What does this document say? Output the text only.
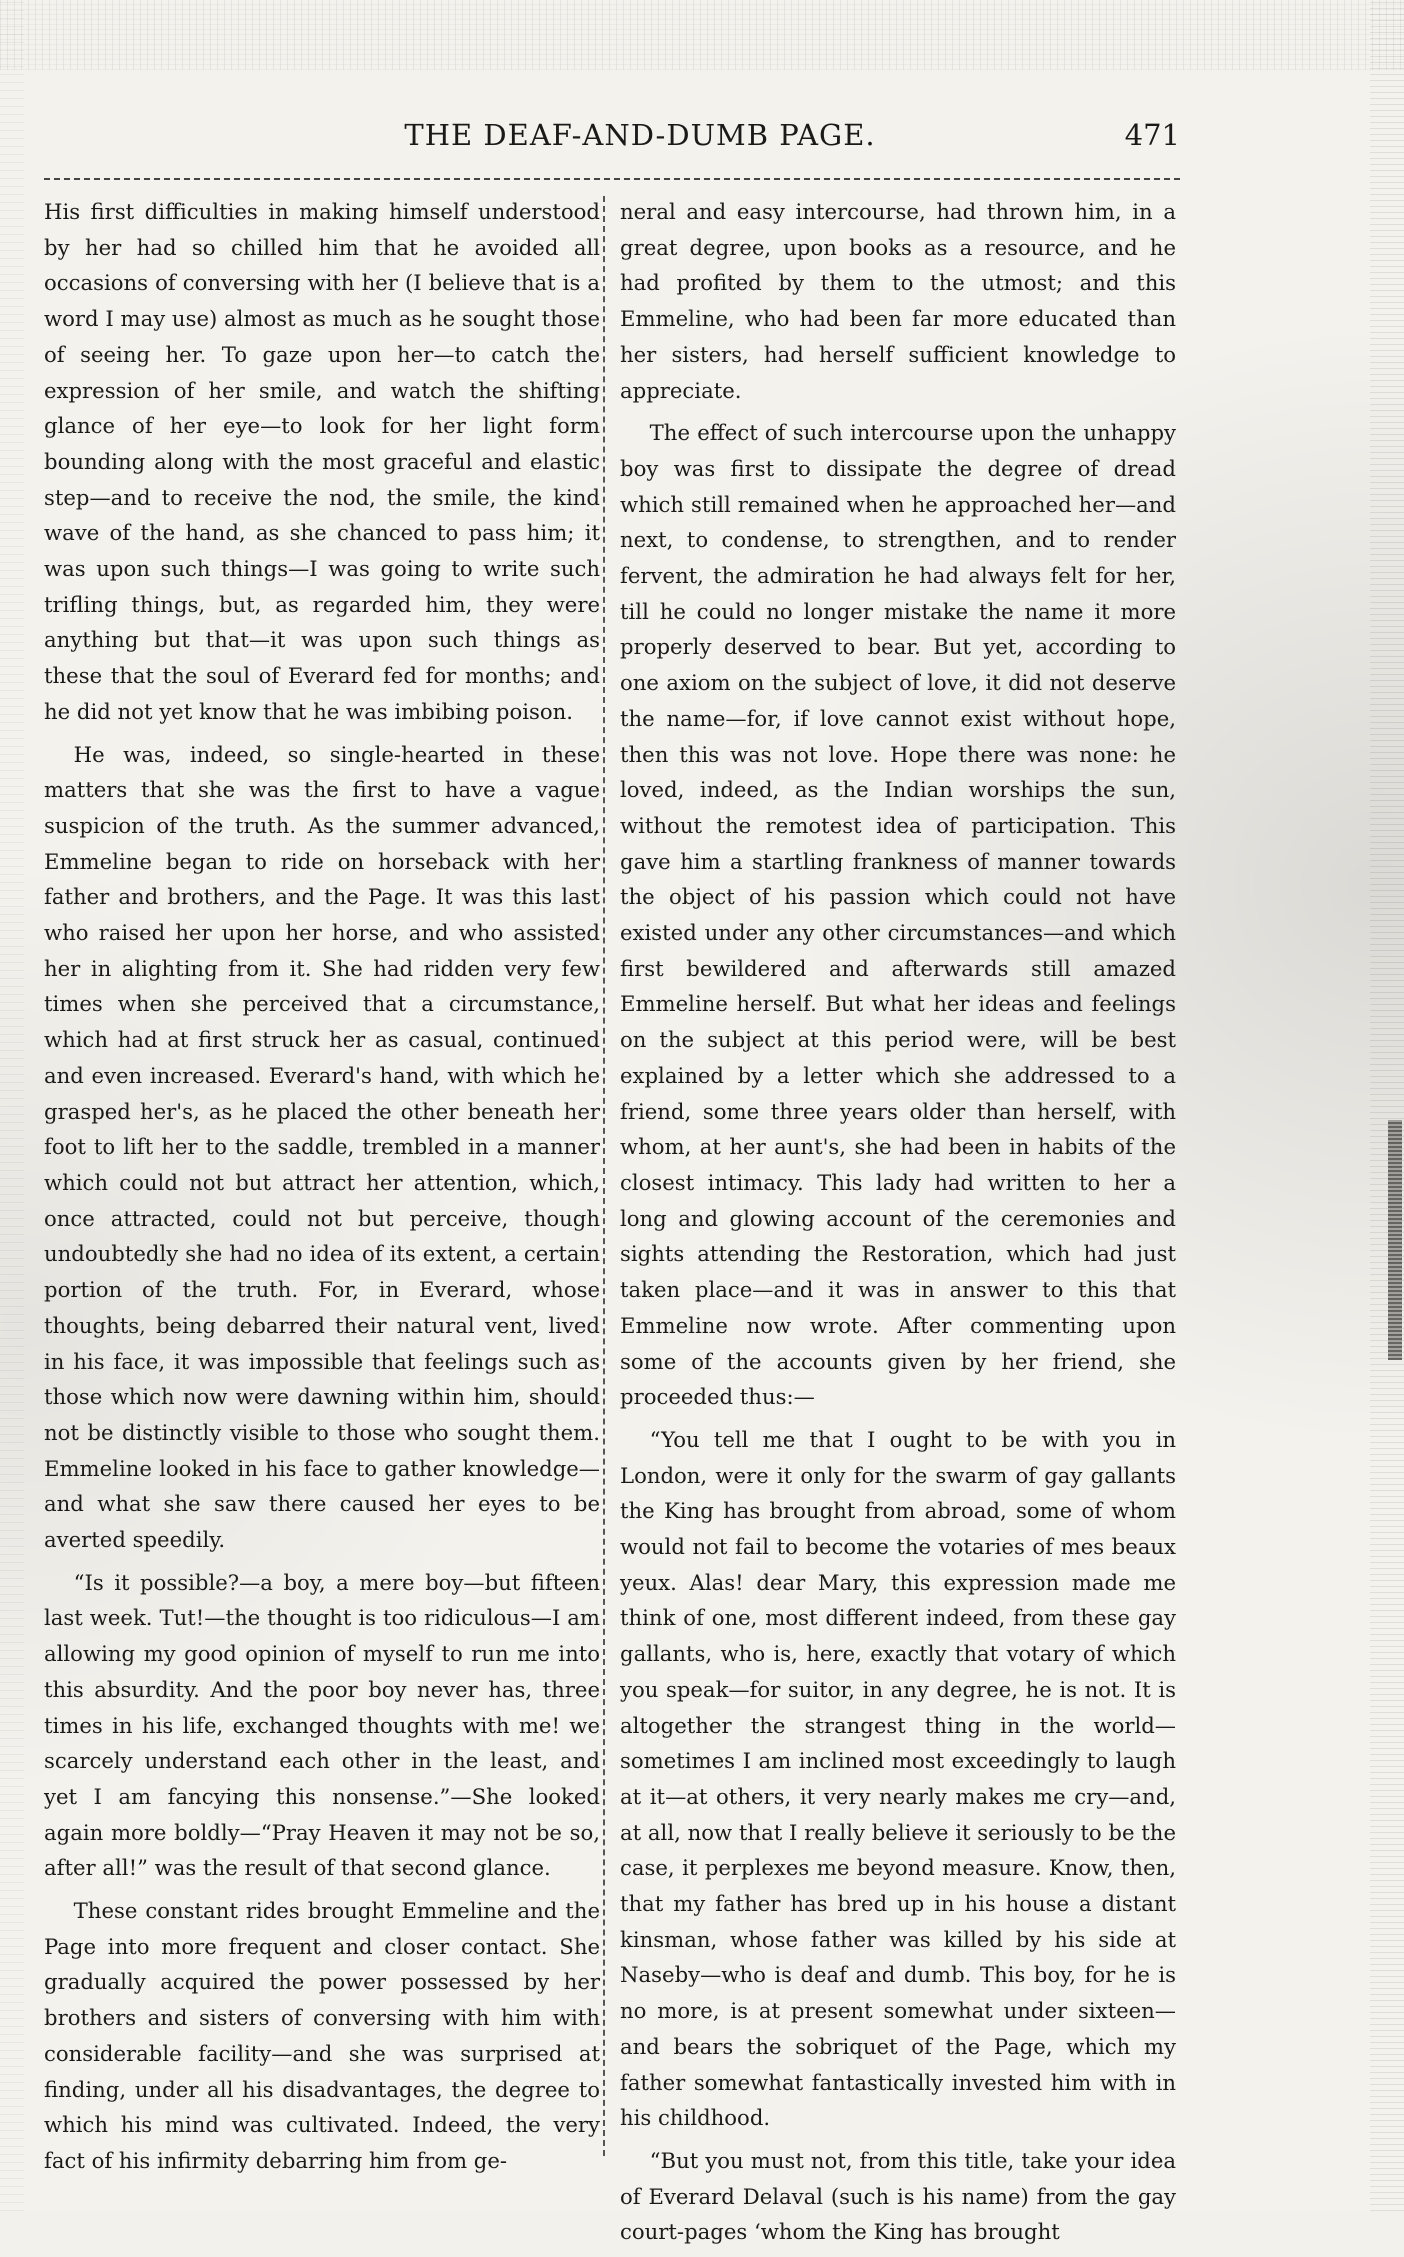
THE DEAF-AND-DUMB PAGE.	471

His first difficulties in making himself understood by her had so chilled him that he avoided all occasions of conversing with her (I believe that is a word I may use) almost as much as he sought those of seeing her. To gaze upon her—to catch the expression of her smile, and watch the shifting glance of her eye—to look for her light form bounding along with the most graceful and elastic step—and to receive the nod, the smile, the kind wave of the hand, as she chanced to pass him; it was upon such things—I was going to write such trifling things, but, as regarded him, they were anything but that—it was upon such things as these that the soul of Everard fed for months; and he did not yet know that he was imbibing poison.

He was, indeed, so single-hearted in these matters that she was the first to have a vague suspicion of the truth. As the summer advanced, Emmeline began to ride on horseback with her father and brothers, and the Page. It was this last who raised her upon her horse, and who assisted her in alighting from it. She had ridden very few times when she perceived that a circumstance, which had at first struck her as casual, continued and even increased. Everard's hand, with which he grasped her's, as he placed the other beneath her foot to lift her to the saddle, trembled in a manner which could not but attract her attention, which, once attracted, could not but perceive, though undoubtedly she had no idea of its extent, a certain portion of the truth. For, in Everard, whose thoughts, being debarred their natural vent, lived in his face, it was impossible that feelings such as those which now were dawning within him, should not be distinctly visible to those who sought them. Emmeline looked in his face to gather knowledge—and what she saw there caused her eyes to be averted speedily.

“Is it possible?—a boy, a mere boy—but fifteen last week. Tut!—the thought is too ridiculous—I am allowing my good opinion of myself to run me into this absurdity. And the poor boy never has, three times in his life, exchanged thoughts with me! we scarcely understand each other in the least, and yet I am fancying this nonsense.”—She looked again more boldly—“Pray Heaven it may not be so, after all!” was the result of that second glance.

These constant rides brought Emmeline and the Page into more frequent and closer contact. She gradually acquired the power possessed by her brothers and sisters of conversing with him with considerable facility—and she was surprised at finding, under all his disadvantages, the degree to which his mind was cultivated. Indeed, the very fact of his infirmity debarring him from ge-

neral and easy intercourse, had thrown him, in a great degree, upon books as a resource, and he had profited by them to the utmost; and this Emmeline, who had been far more educated than her sisters, had herself sufficient knowledge to appreciate.

The effect of such intercourse upon the unhappy boy was first to dissipate the degree of dread which still remained when he approached her—and next, to condense, to strengthen, and to render fervent, the admiration he had always felt for her, till he could no longer mistake the name it more properly deserved to bear. But yet, according to one axiom on the subject of love, it did not deserve the name—for, if love cannot exist without hope, then this was not love. Hope there was none: he loved, indeed, as the Indian worships the sun, without the remotest idea of participation. This gave him a startling frankness of manner towards the object of his passion which could not have existed under any other circumstances—and which first bewildered and afterwards still amazed Emmeline herself. But what her ideas and feelings on the subject at this period were, will be best explained by a letter which she addressed to a friend, some three years older than herself, with whom, at her aunt's, she had been in habits of the closest intimacy. This lady had written to her a long and glowing account of the ceremonies and sights attending the Restoration, which had just taken place—and it was in answer to this that Emmeline now wrote. After commenting upon some of the accounts given by her friend, she proceeded thus:—

“You tell me that I ought to be with you in London, were it only for the swarm of gay gallants the King has brought from abroad, some of whom would not fail to become the votaries of mes beaux yeux. Alas! dear Mary, this expression made me think of one, most different indeed, from these gay gallants, who is, here, exactly that votary of which you speak—for suitor, in any degree, he is not. It is altogether the strangest thing in the world—sometimes I am inclined most exceedingly to laugh at it—at others, it very nearly makes me cry—and, at all, now that I really believe it seriously to be the case, it perplexes me beyond measure. Know, then, that my father has bred up in his house a distant kinsman, whose father was killed by his side at Naseby—who is deaf and dumb. This boy, for he is no more, is at present somewhat under sixteen—and bears the sobriquet of the Page, which my father somewhat fantastically invested him with in his childhood.

“But you must not, from this title, take your idea of Everard Delaval (such is his name) from the gay court-pages ‘whom the King has brought
